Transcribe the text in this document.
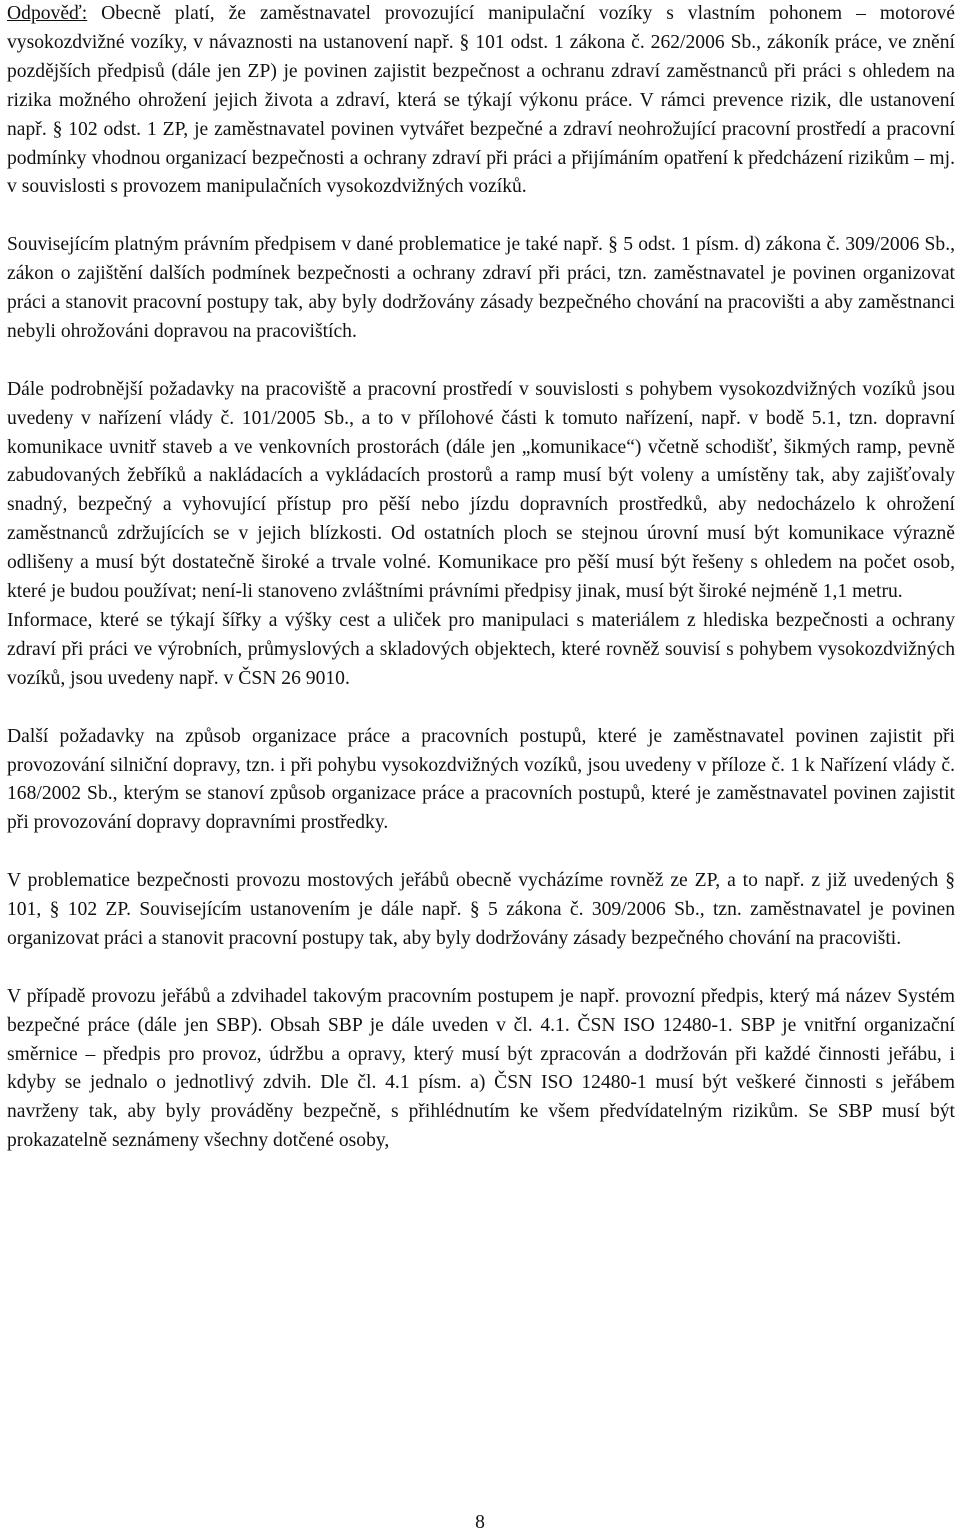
Odpověď: Obecně platí, že zaměstnavatel provozující manipulační vozíky s vlastním pohonem – motorové vysokozdvižné vozíky, v návaznosti na ustanovení např. § 101 odst. 1 zákona č. 262/2006 Sb., zákoník práce, ve znění pozdějších předpisů (dále jen ZP) je povinen zajistit bezpečnost a ochranu zdraví zaměstnanců při práci s ohledem na rizika možného ohrožení jejich života a zdraví, která se týkají výkonu práce. V rámci prevence rizik, dle ustanovení např. § 102 odst. 1 ZP, je zaměstnavatel povinen vytvářet bezpečné a zdraví neohrožující pracovní prostředí a pracovní podmínky vhodnou organizací bezpečnosti a ochrany zdraví při práci a přijímáním opatření k předcházení rizikům – mj. v souvislosti s provozem manipulačních vysokozdvižných vozíků.

Souvisejícím platným právním předpisem v dané problematice je také např. § 5 odst. 1 písm. d) zákona č. 309/2006 Sb., zákon o zajištění dalších podmínek bezpečnosti a ochrany zdraví při práci, tzn. zaměstnavatel je povinen organizovat práci a stanovit pracovní postupy tak, aby byly dodržovány zásady bezpečného chování na pracovišti a aby zaměstnanci nebyli ohrožováni dopravou na pracovištích.

Dále podrobnější požadavky na pracoviště a pracovní prostředí v souvislosti s pohybem vysokozdvižných vozíků jsou uvedeny v nařízení vlády č. 101/2005 Sb., a to v přílohové části k tomuto nařízení, např. v bodě 5.1, tzn. dopravní komunikace uvnitř staveb a ve venkovních prostorách (dále jen „komunikace“) včetně schodišť, šikmých ramp, pevně zabudovaných žebříků a nakládacích a vykládacích prostorů a ramp musí být voleny a umístěny tak, aby zajišťovaly snadný, bezpečný a vyhovující přístup pro pěší nebo jízdu dopravních prostředků, aby nedocházelo k ohrožení zaměstnanců zdržujících se v jejich blízkosti. Od ostatních ploch se stejnou úrovní musí být komunikace výrazně odlišeny a musí být dostatečně široké a trvale volné. Komunikace pro pěší musí být řešeny s ohledem na počet osob, které je budou používat; není-li stanoveno zvláštními právními předpisy jinak, musí být široké nejméně 1,1 metru.

Informace, které se týkají šířky a výšky cest a uliček pro manipulaci s materiálem z hlediska bezpečnosti a ochrany zdraví při práci ve výrobních, průmyslových a skladových objektech, které rovněž souvisí s pohybem vysokozdvižných vozíků, jsou uvedeny např. v ČSN 26 9010.

Další požadavky na způsob organizace práce a pracovních postupů, které je zaměstnavatel povinen zajistit při provozování silniční dopravy, tzn. i při pohybu vysokozdvižných vozíků, jsou uvedeny v příloze č. 1 k Nařízení vlády č. 168/2002 Sb., kterým se stanoví způsob organizace práce a pracovních postupů, které je zaměstnavatel povinen zajistit při provozování dopravy dopravními prostředky.

V problematice bezpečnosti provozu mostových jeřábů obecně vycházíme rovněž ze ZP, a to např. z již uvedených § 101, § 102 ZP. Souvisejícím ustanovením je dále např. § 5 zákona č. 309/2006 Sb., tzn. zaměstnavatel je povinen organizovat práci a stanovit pracovní postupy tak, aby byly dodržovány zásady bezpečného chování na pracovišti.

V případě provozu jeřábů a zdvihadel takovým pracovním postupem je např. provozní předpis, který má název Systém bezpečné práce (dále jen SBP). Obsah SBP je dále uveden v čl. 4.1. ČSN ISO 12480-1. SBP je vnitřní organizační směrnice – předpis pro provoz, údržbu a opravy, který musí být zpracován a dodržován při každé činnosti jeřábu, i kdyby se jednalo o jednotlivý zdvih. Dle čl. 4.1 písm. a) ČSN ISO 12480-1 musí být veškeré činnosti s jeřábem navrženy tak, aby byly prováděny bezpečně, s přihlédnutím ke všem předvídatelným rizikům. Se SBP musí být prokazatelně seznámeny všechny dotčené osoby,

8
